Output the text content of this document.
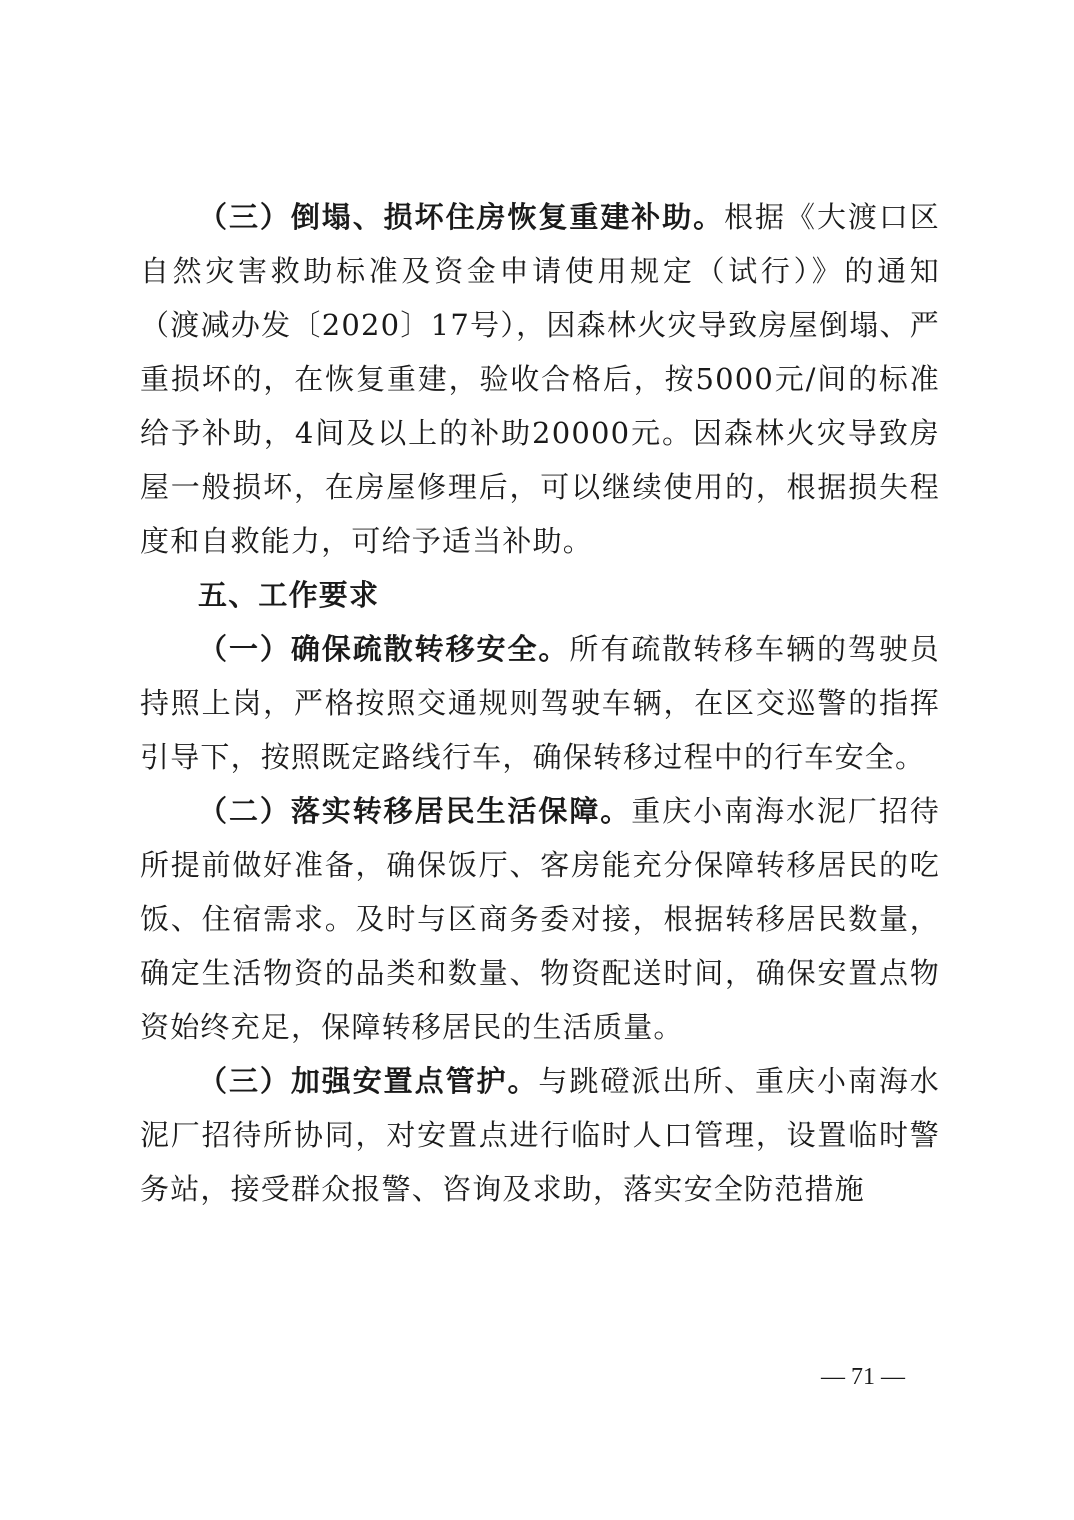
（三）倒塌、损坏住房恢复重建补助。根据《大渡口区自然灾害救助标准及资金申请使用规定（试行）》的通知（渡减办发〔2020〕17号），因森林火灾导致房屋倒塌、严重损坏的，在恢复重建，验收合格后，按5000元/间的标准给予补助，4间及以上的补助20000元。因森林火灾导致房屋一般损坏，在房屋修理后，可以继续使用的，根据损失程度和自救能力，可给予适当补助。

五、工作要求

（一）确保疏散转移安全。所有疏散转移车辆的驾驶员持照上岗，严格按照交通规则驾驶车辆，在区交巡警的指挥引导下，按照既定路线行车，确保转移过程中的行车安全。

（二）落实转移居民生活保障。重庆小南海水泥厂招待所提前做好准备，确保饭厅、客房能充分保障转移居民的吃饭、住宿需求。及时与区商务委对接，根据转移居民数量，确定生活物资的品类和数量、物资配送时间，确保安置点物资始终充足，保障转移居民的生活质量。

（三）加强安置点管护。与跳磴派出所、重庆小南海水泥厂招待所协同，对安置点进行临时人口管理，设置临时警务站，接受群众报警、咨询及求助，落实安全防范措施

— 71 —
